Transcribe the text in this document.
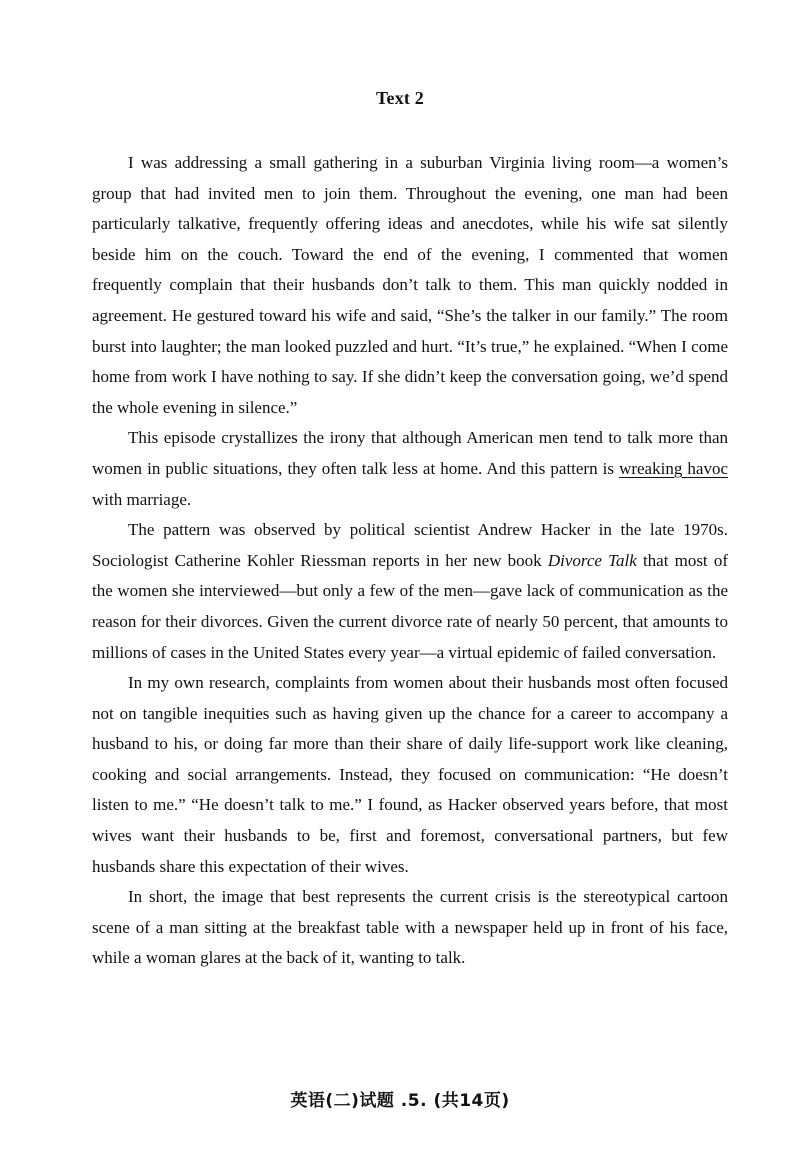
Text 2

I was addressing a small gathering in a suburban Virginia living room—a women’s group that had invited men to join them. Throughout the evening, one man had been particularly talkative, frequently offering ideas and anecdotes, while his wife sat silently beside him on the couch. Toward the end of the evening, I commented that women frequently complain that their husbands don’t talk to them. This man quickly nodded in agreement. He gestured toward his wife and said, “She’s the talker in our family.” The room burst into laughter; the man looked puzzled and hurt. “It’s true,” he explained. “When I come home from work I have nothing to say. If she didn’t keep the conversation going, we’d spend the whole evening in silence.”

This episode crystallizes the irony that although American men tend to talk more than women in public situations, they often talk less at home. And this pattern is wreaking havoc with marriage.

The pattern was observed by political scientist Andrew Hacker in the late 1970s. Sociologist Catherine Kohler Riessman reports in her new book Divorce Talk that most of the women she interviewed—but only a few of the men—gave lack of communication as the reason for their divorces. Given the current divorce rate of nearly 50 percent, that amounts to millions of cases in the United States every year—a virtual epidemic of failed conversation.

In my own research, complaints from women about their husbands most often focused not on tangible inequities such as having given up the chance for a career to accompany a husband to his, or doing far more than their share of daily life-support work like cleaning, cooking and social arrangements. Instead, they focused on communication: “He doesn’t listen to me.” “He doesn’t talk to me.” I found, as Hacker observed years before, that most wives want their husbands to be, first and foremost, conversational partners, but few husbands share this expectation of their wives.

In short, the image that best represents the current crisis is the stereotypical cartoon scene of a man sitting at the breakfast table with a newspaper held up in front of his face, while a woman glares at the back of it, wanting to talk.

英语(二)试题 .5. (共14页)
